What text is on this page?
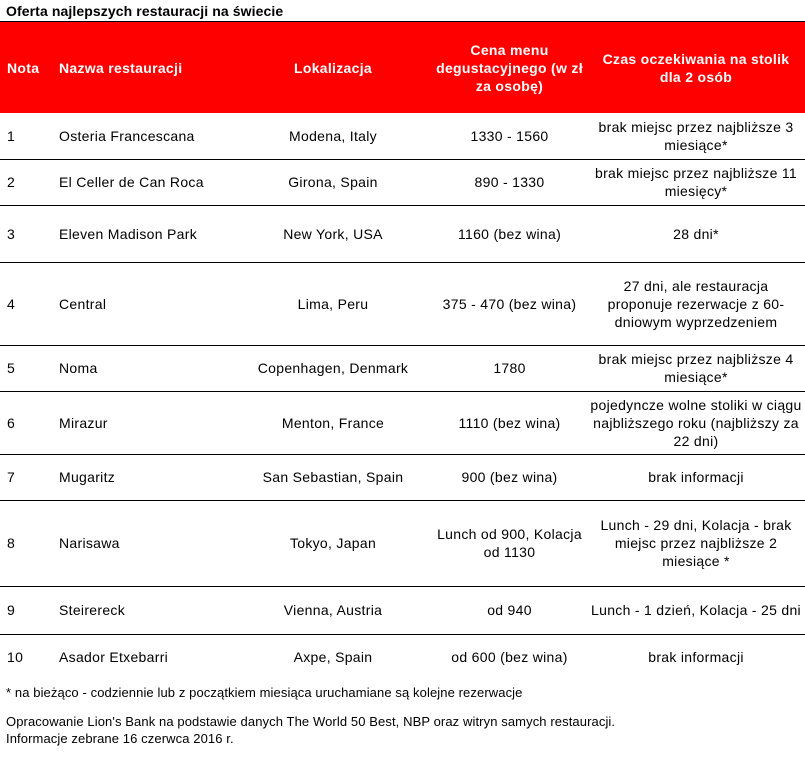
Oferta najlepszych restauracji na świecie
Nota	Nazwa restauracji	Lokalizacja	Cena menu degustacyjnego (w zł za osobę)	Czas oczekiwania na stolik dla 2 osób
1	Osteria Francescana	Modena, Italy	1330 - 1560	brak miejsc przez najbliższe 3 miesiące*
2	El Celler de Can Roca	Girona, Spain	890 - 1330	brak miejsc przez najbliższe 11 miesięcy*
3	Eleven Madison Park	New York, USA	1160 (bez wina)	28 dni*
4	Central	Lima, Peru	375 - 470 (bez wina)	27 dni, ale restauracja proponuje rezerwacje z 60-dniowym wyprzedzeniem
5	Noma	Copenhagen, Denmark	1780	brak miejsc przez najbliższe 4 miesiące*
6	Mirazur	Menton, France	1110 (bez wina)	pojedyncze wolne stoliki w ciągu najbliższego roku (najbliższy za 22 dni)
7	Mugaritz	San Sebastian, Spain	900 (bez wina)	brak informacji
8	Narisawa	Tokyo, Japan	Lunch od 900, Kolacja od 1130	Lunch - 29 dni, Kolacja - brak miejsc przez najbliższe 2 miesiące *
9	Steirereck	Vienna, Austria	od 940	Lunch - 1 dzień, Kolacja - 25 dni
10	Asador Etxebarri	Axpe, Spain	od 600 (bez wina)	brak informacji
* na bieżąco - codziennie lub z początkiem miesiąca uruchamiane są kolejne rezerwacje
Opracowanie Lion's Bank na podstawie danych The World 50 Best, NBP oraz witryn samych restauracji.
Informacje zebrane 16 czerwca 2016 r.
